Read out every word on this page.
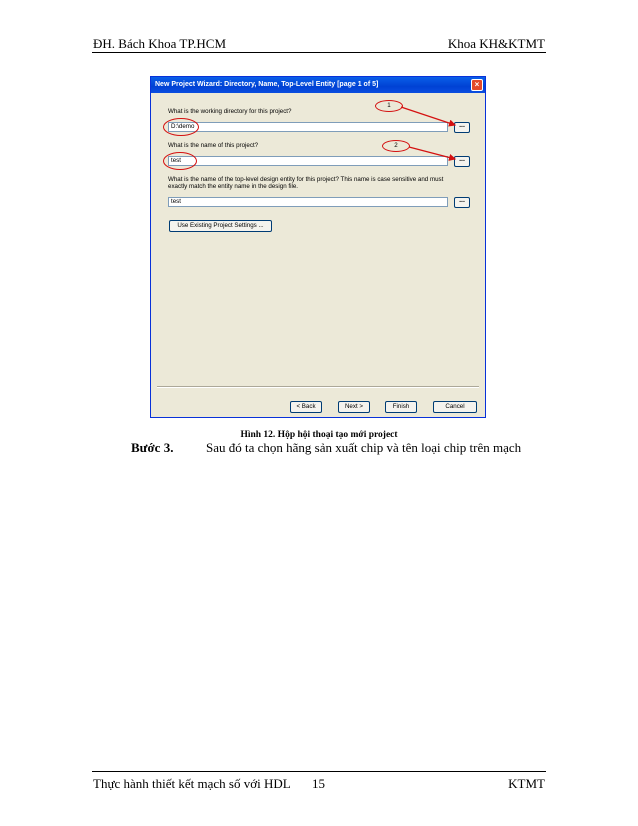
ĐH. Bách Khoa TP.HCM	Khoa KH&KTMT
New Project Wizard: Directory, Name, Top-Level Entity [page 1 of 5]	×
What is the working directory for this project?
D:\demo	...
What is the name of this project?
test	...
What is the name of the top-level design entity for this project? This name is case sensitive and must
exactly match the entity name in the design file.
test	...
Use Existing Project Settings ...
< Back	Next >	Finish	Cancel
1
2
Hình 12. Hộp hội thoại tạo mới project
Bước 3.	Sau đó ta chọn hãng sản xuất chip và tên loại chip trên mạch
Thực hành thiết kết mạch số với HDL 15	KTMT
